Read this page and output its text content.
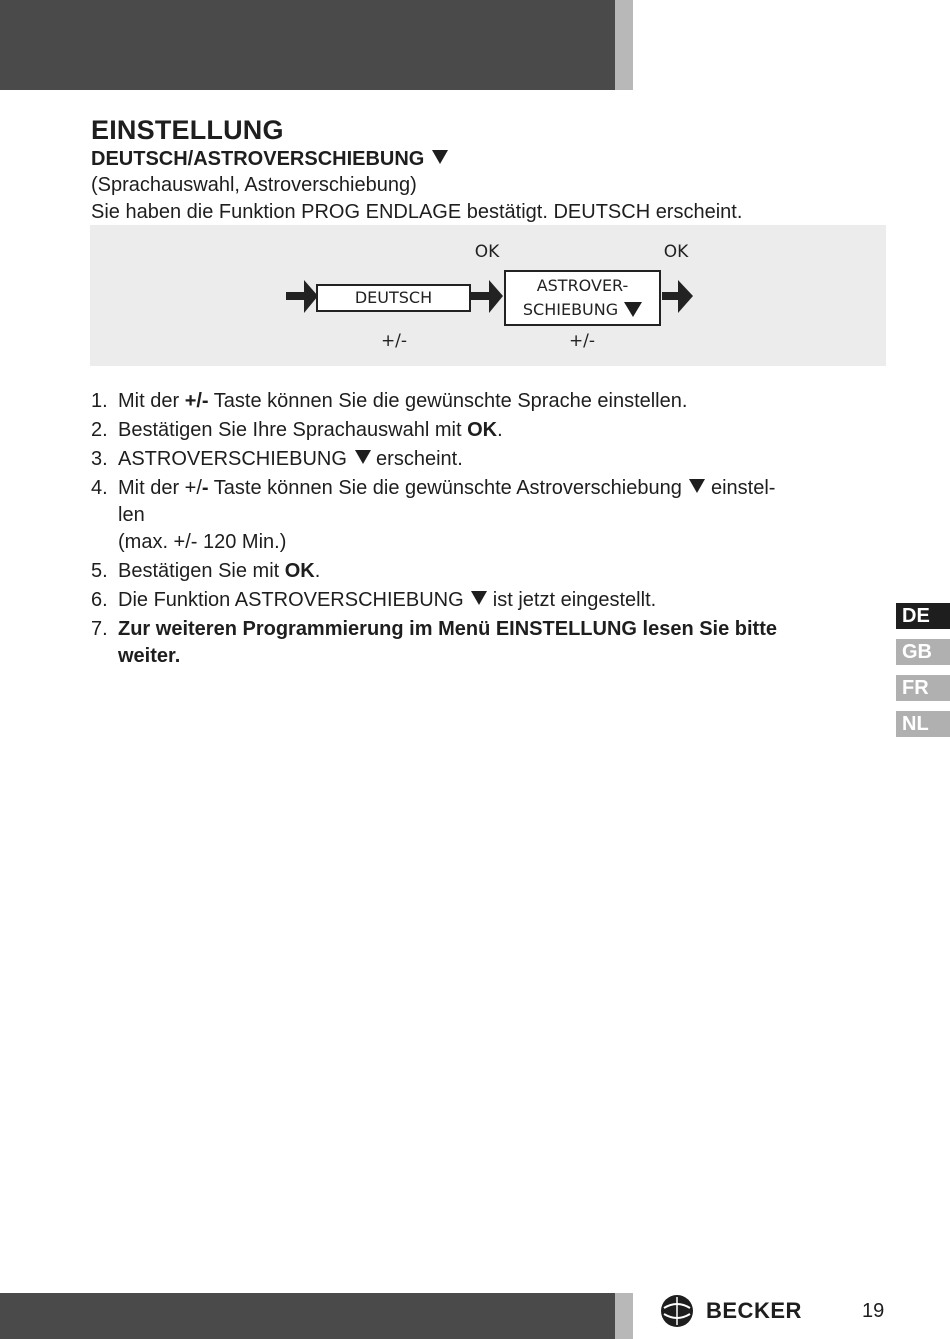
EINSTELLUNG
DEUTSCH/ASTROVERSCHIEBUNG
(Sprachauswahl, Astroverschiebung)
Sie haben die Funktion PROG ENDLAGE bestätigt. DEUTSCH erscheint.
OK	OK
DEUTSCH
ASTROVER-
SCHIEBUNG
+/-	+/-
1. Mit der +/- Taste können Sie die gewünschte Sprache einstellen.
2. Bestätigen Sie Ihre Sprachauswahl mit OK.
3. ASTROVERSCHIEBUNG  erscheint.
4. Mit der +/- Taste können Sie die gewünschte Astroverschiebung  einstel-
len
(max. +/- 120 Min.)
5. Bestätigen Sie mit OK.
6. Die Funktion ASTROVERSCHIEBUNG  ist jetzt eingestellt.
7. Zur weiteren Programmierung im Menü EINSTELLUNG lesen Sie bitte
weiter.
DE
GB
FR
NL
BECKER	19
